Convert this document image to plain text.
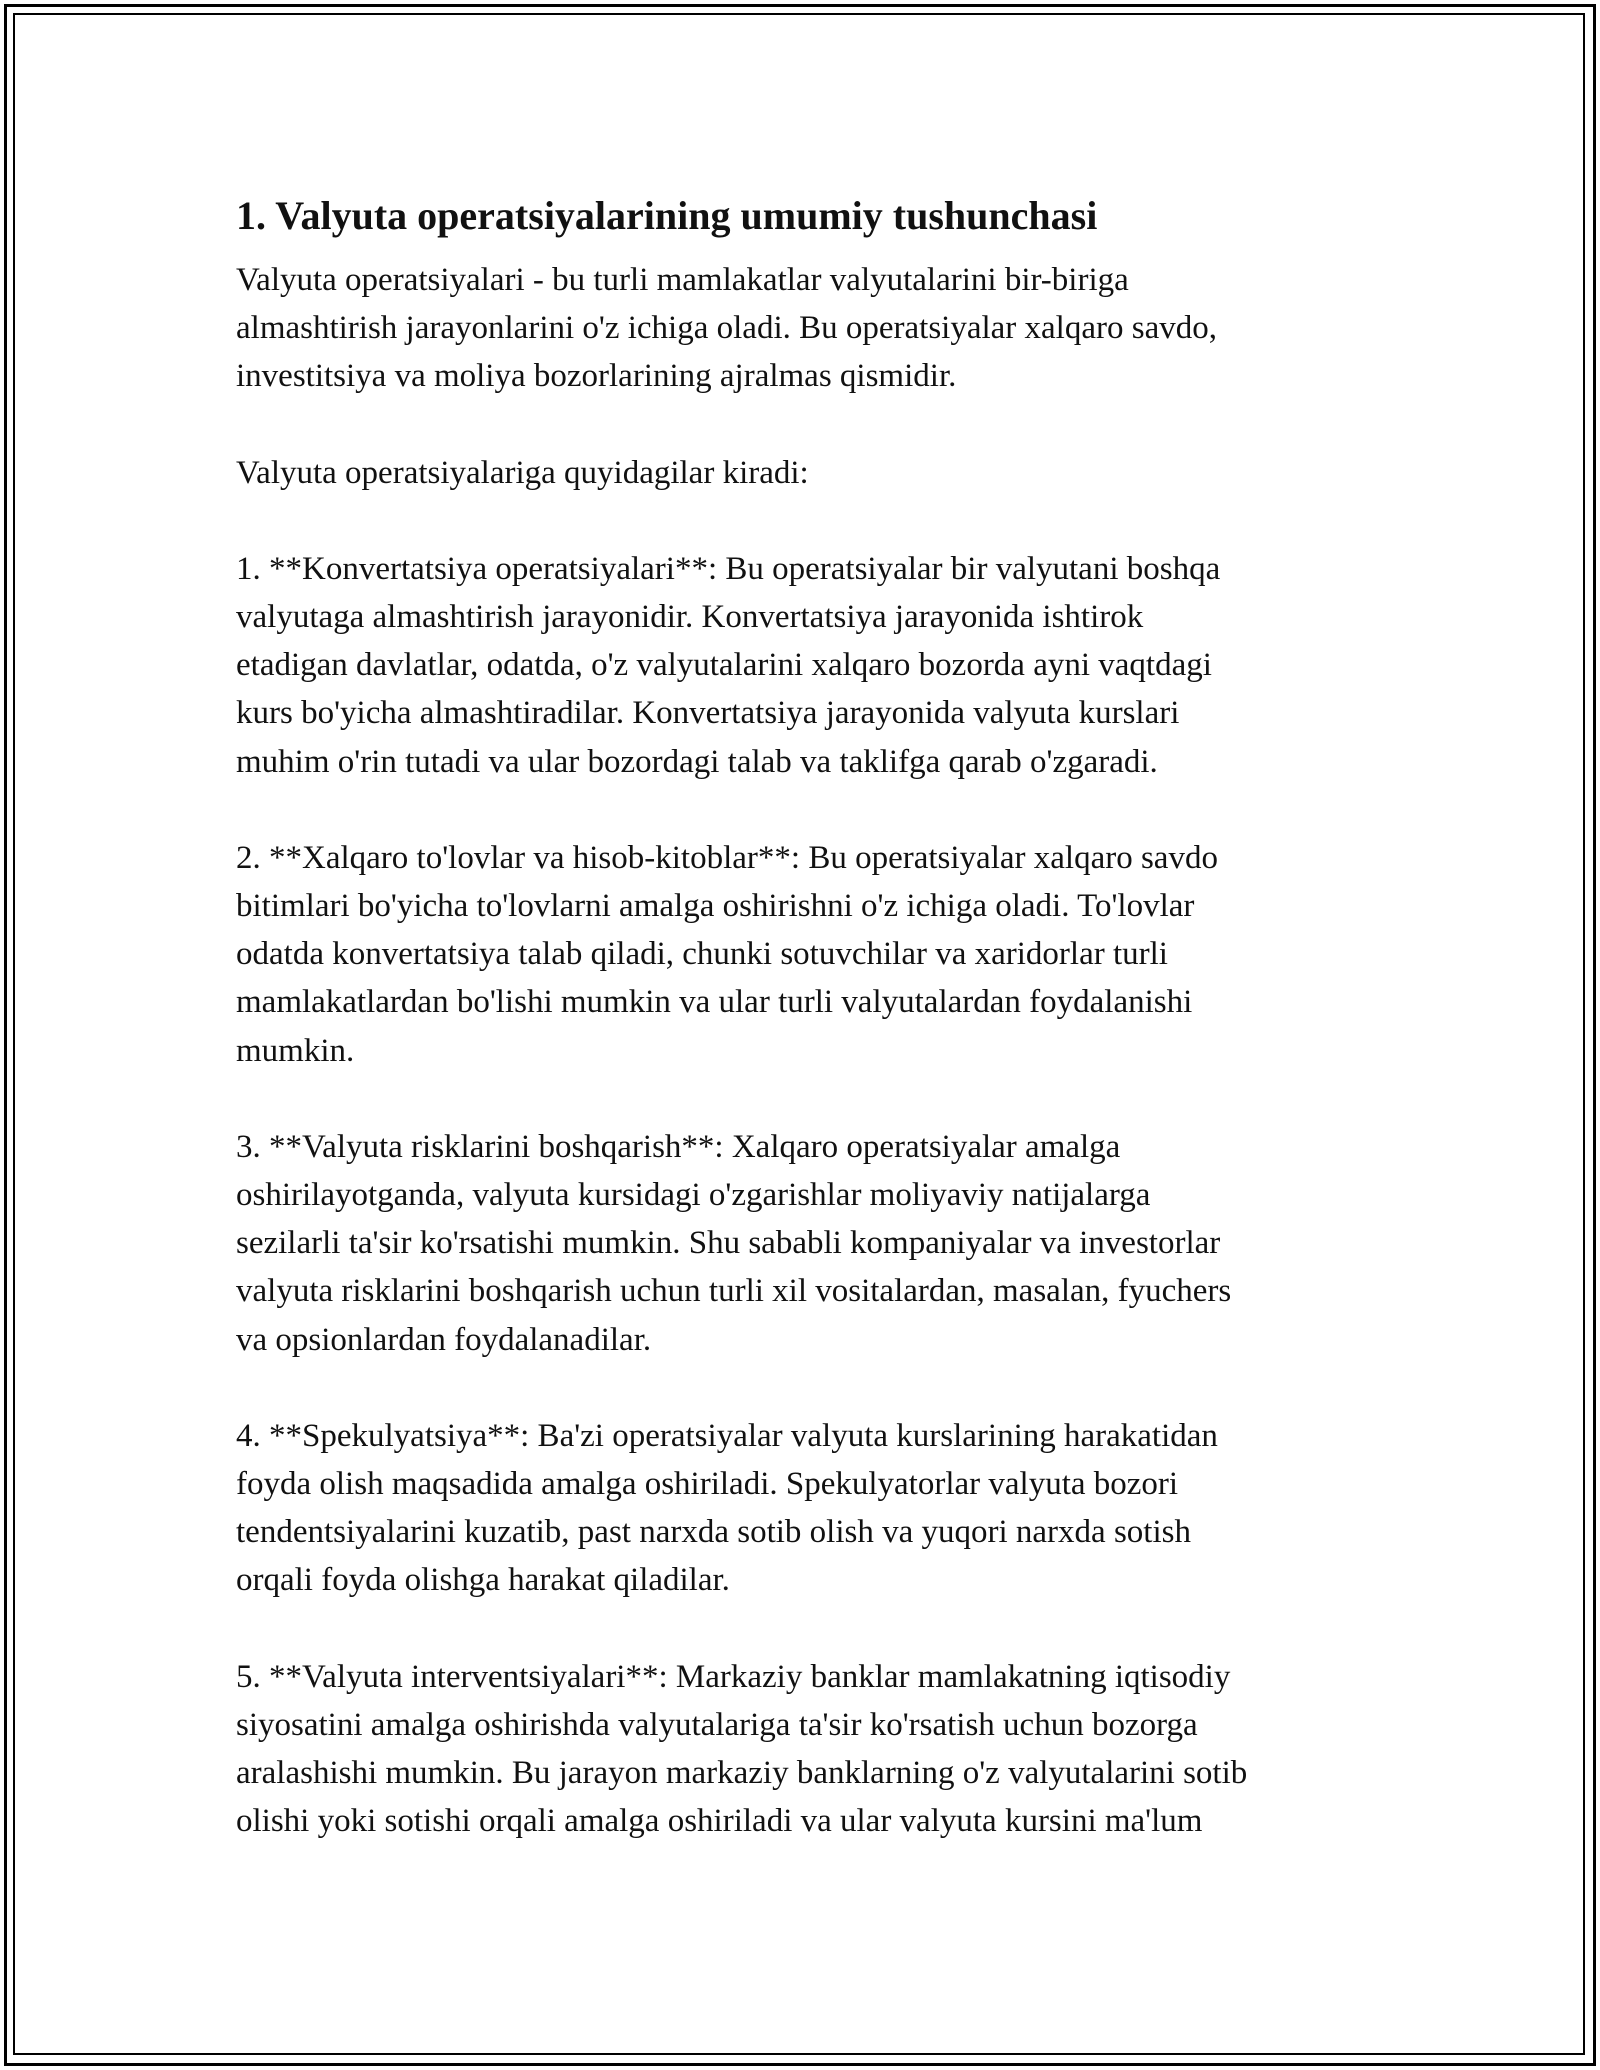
1. Valyuta operatsiyalarining umumiy tushunchasi

Valyuta operatsiyalari - bu turli mamlakatlar valyutalarini bir-biriga
almashtirish jarayonlarini o'z ichiga oladi. Bu operatsiyalar xalqaro savdo,
investitsiya va moliya bozorlarining ajralmas qismidir.

Valyuta operatsiyalariga quyidagilar kiradi:

1. **Konvertatsiya operatsiyalari**: Bu operatsiyalar bir valyutani boshqa
valyutaga almashtirish jarayonidir. Konvertatsiya jarayonida ishtirok
etadigan davlatlar, odatda, o'z valyutalarini xalqaro bozorda ayni vaqtdagi
kurs bo'yicha almashtiradilar. Konvertatsiya jarayonida valyuta kurslari
muhim o'rin tutadi va ular bozordagi talab va taklifga qarab o'zgaradi.

2. **Xalqaro to'lovlar va hisob-kitoblar**: Bu operatsiyalar xalqaro savdo
bitimlari bo'yicha to'lovlarni amalga oshirishni o'z ichiga oladi. To'lovlar
odatda konvertatsiya talab qiladi, chunki sotuvchilar va xaridorlar turli
mamlakatlardan bo'lishi mumkin va ular turli valyutalardan foydalanishi
mumkin.

3. **Valyuta risklarini boshqarish**: Xalqaro operatsiyalar amalga
oshirilayotganda, valyuta kursidagi o'zgarishlar moliyaviy natijalarga
sezilarli ta'sir ko'rsatishi mumkin. Shu sababli kompaniyalar va investorlar
valyuta risklarini boshqarish uchun turli xil vositalardan, masalan, fyuchers
va opsionlardan foydalanadilar.

4. **Spekulyatsiya**: Ba'zi operatsiyalar valyuta kurslarining harakatidan
foyda olish maqsadida amalga oshiriladi. Spekulyatorlar valyuta bozori
tendentsiyalarini kuzatib, past narxda sotib olish va yuqori narxda sotish
orqali foyda olishga harakat qiladilar.

5. **Valyuta interventsiyalari**: Markaziy banklar mamlakatning iqtisodiy
siyosatini amalga oshirishda valyutalariga ta'sir ko'rsatish uchun bozorga
aralashishi mumkin. Bu jarayon markaziy banklarning o'z valyutalarini sotib
olishi yoki sotishi orqali amalga oshiriladi va ular valyuta kursini ma'lum
